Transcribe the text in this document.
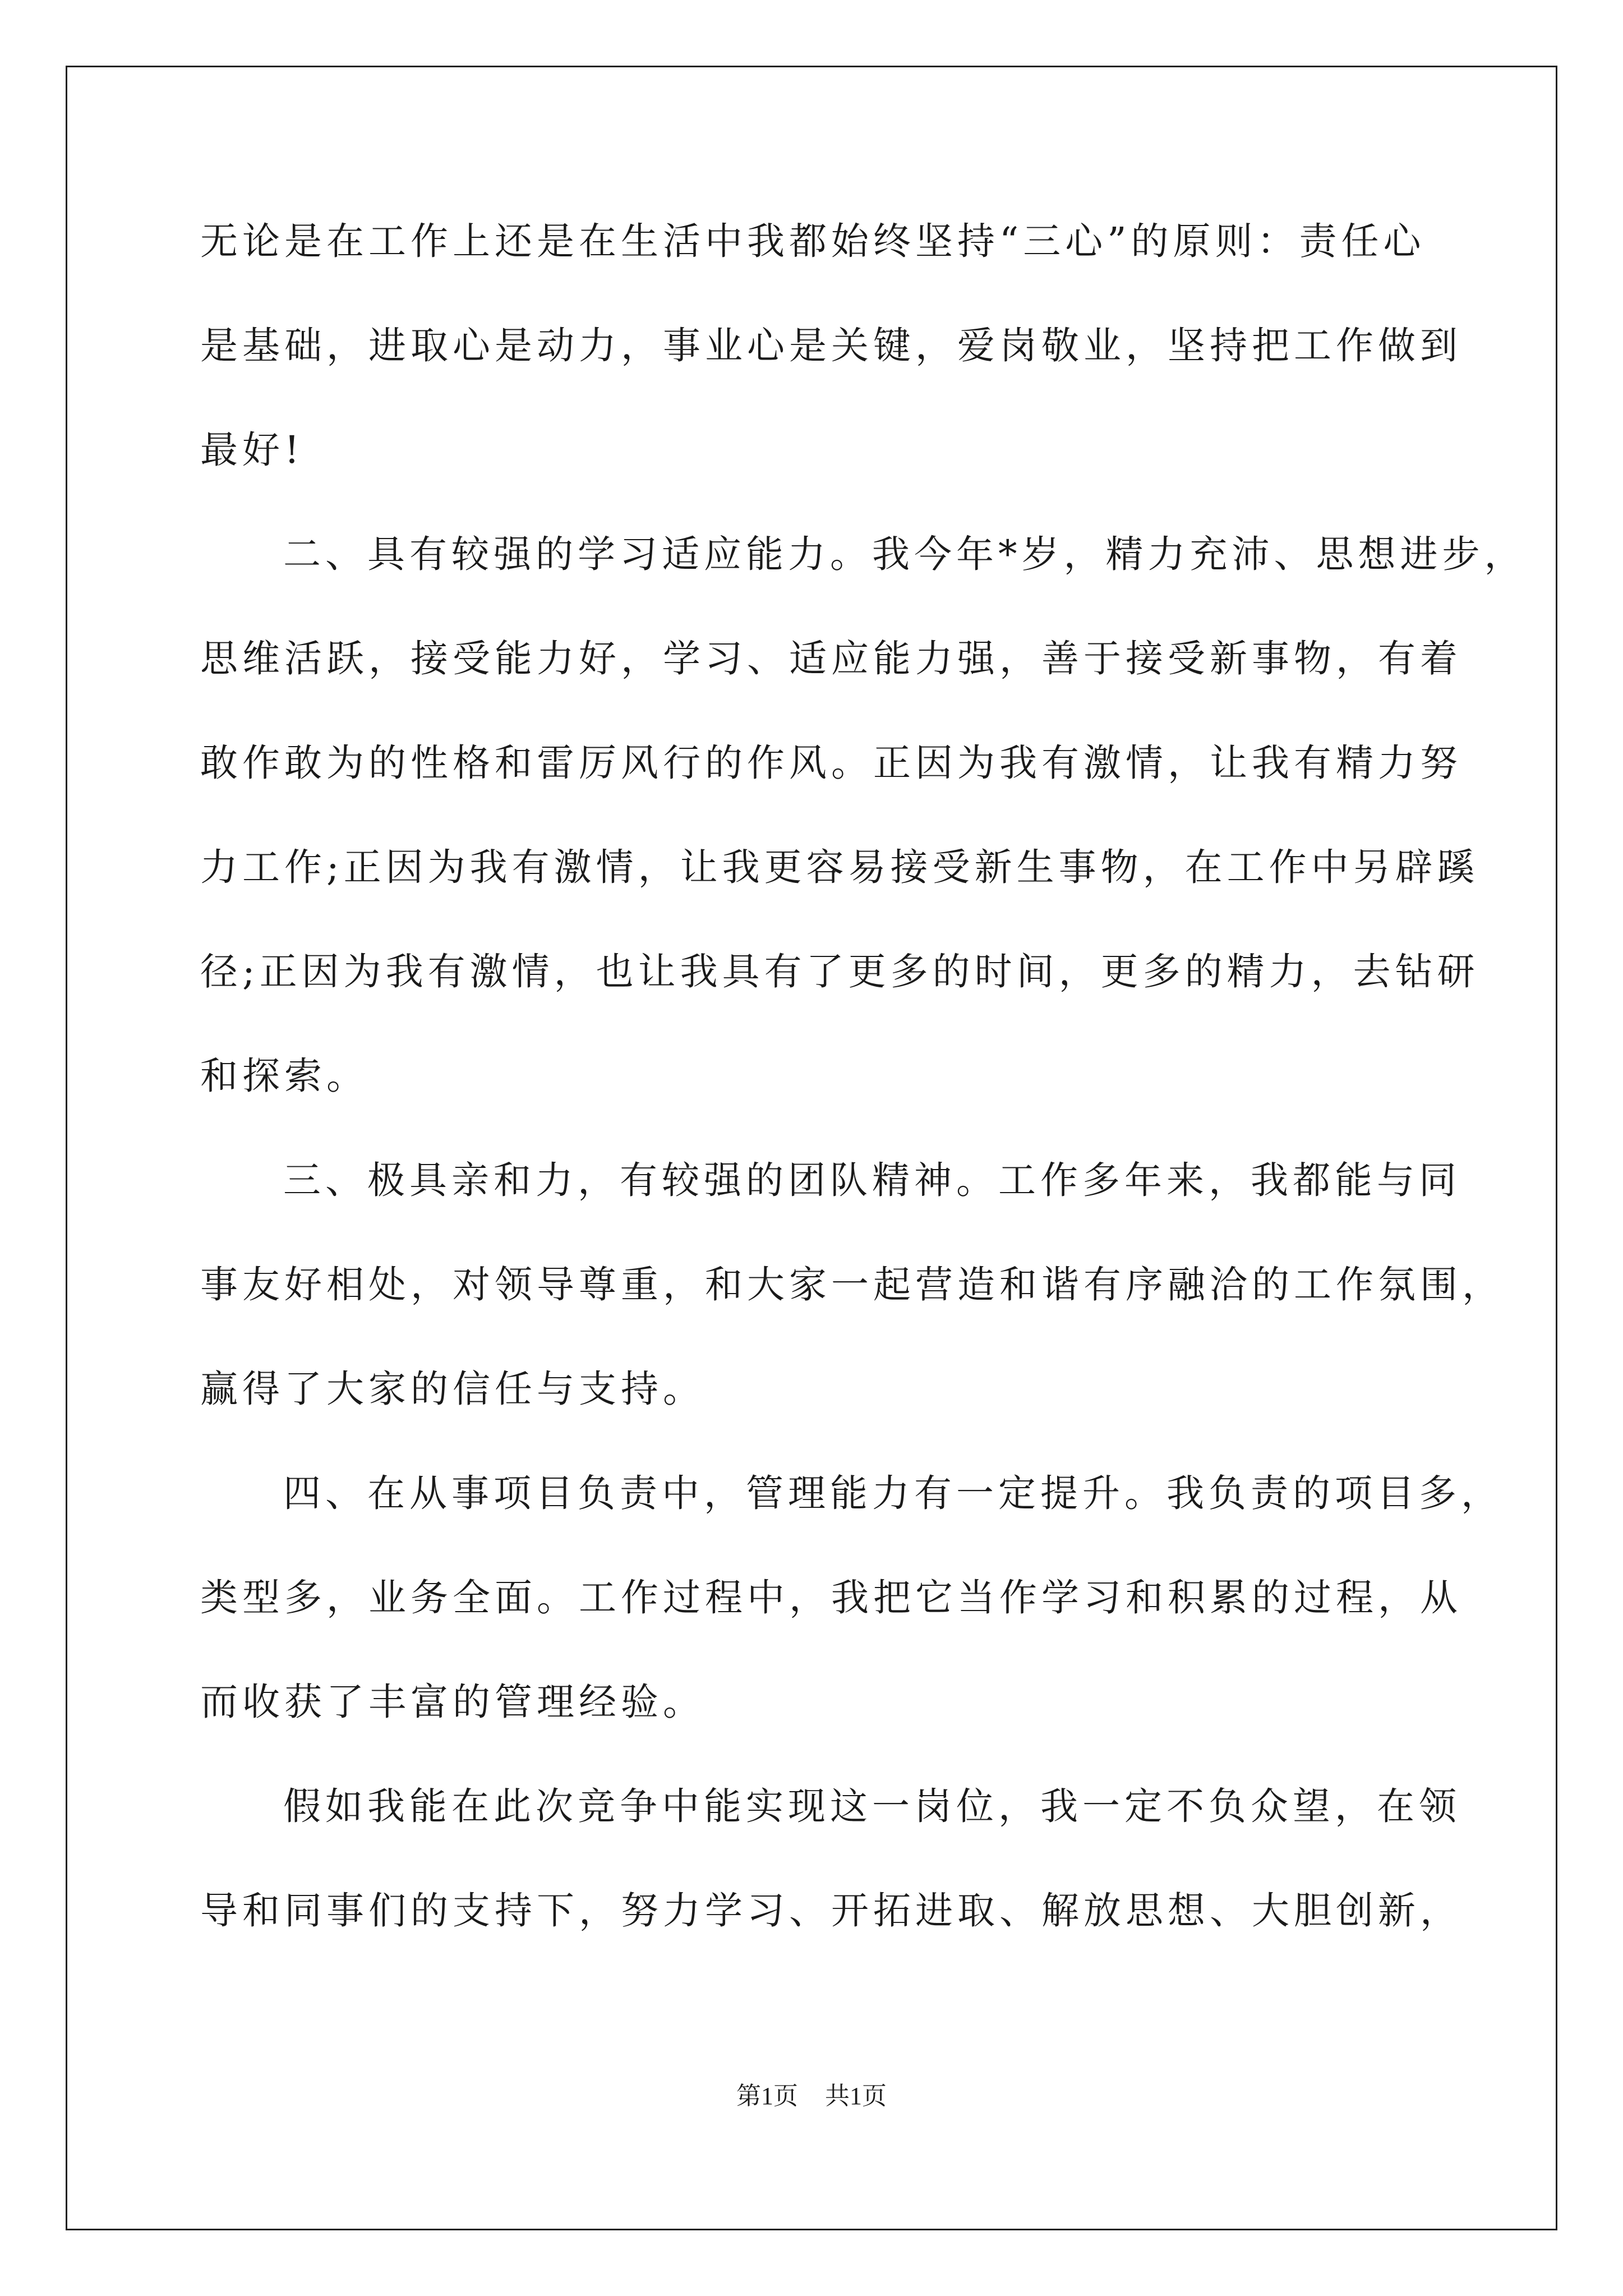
无论是在工作上还是在生活中我都始终坚持“三心”的原则：责任心
是基础，进取心是动力，事业心是关键，爱岗敬业，坚持把工作做到
最好!
二、具有较强的学习适应能力。我今年*岁，精力充沛、思想进步，
思维活跃，接受能力好，学习、适应能力强，善于接受新事物，有着
敢作敢为的性格和雷厉风行的作风。正因为我有激情，让我有精力努
力工作;正因为我有激情，让我更容易接受新生事物，在工作中另辟蹊
径;正因为我有激情，也让我具有了更多的时间，更多的精力，去钻研
和探索。
三、极具亲和力，有较强的团队精神。工作多年来，我都能与同
事友好相处，对领导尊重，和大家一起营造和谐有序融洽的工作氛围，
赢得了大家的信任与支持。
四、在从事项目负责中，管理能力有一定提升。我负责的项目多，
类型多，业务全面。工作过程中，我把它当作学习和积累的过程，从
而收获了丰富的管理经验。
假如我能在此次竞争中能实现这一岗位，我一定不负众望，在领
导和同事们的支持下，努力学习、开拓进取、解放思想、大胆创新，
第1页 共1页
